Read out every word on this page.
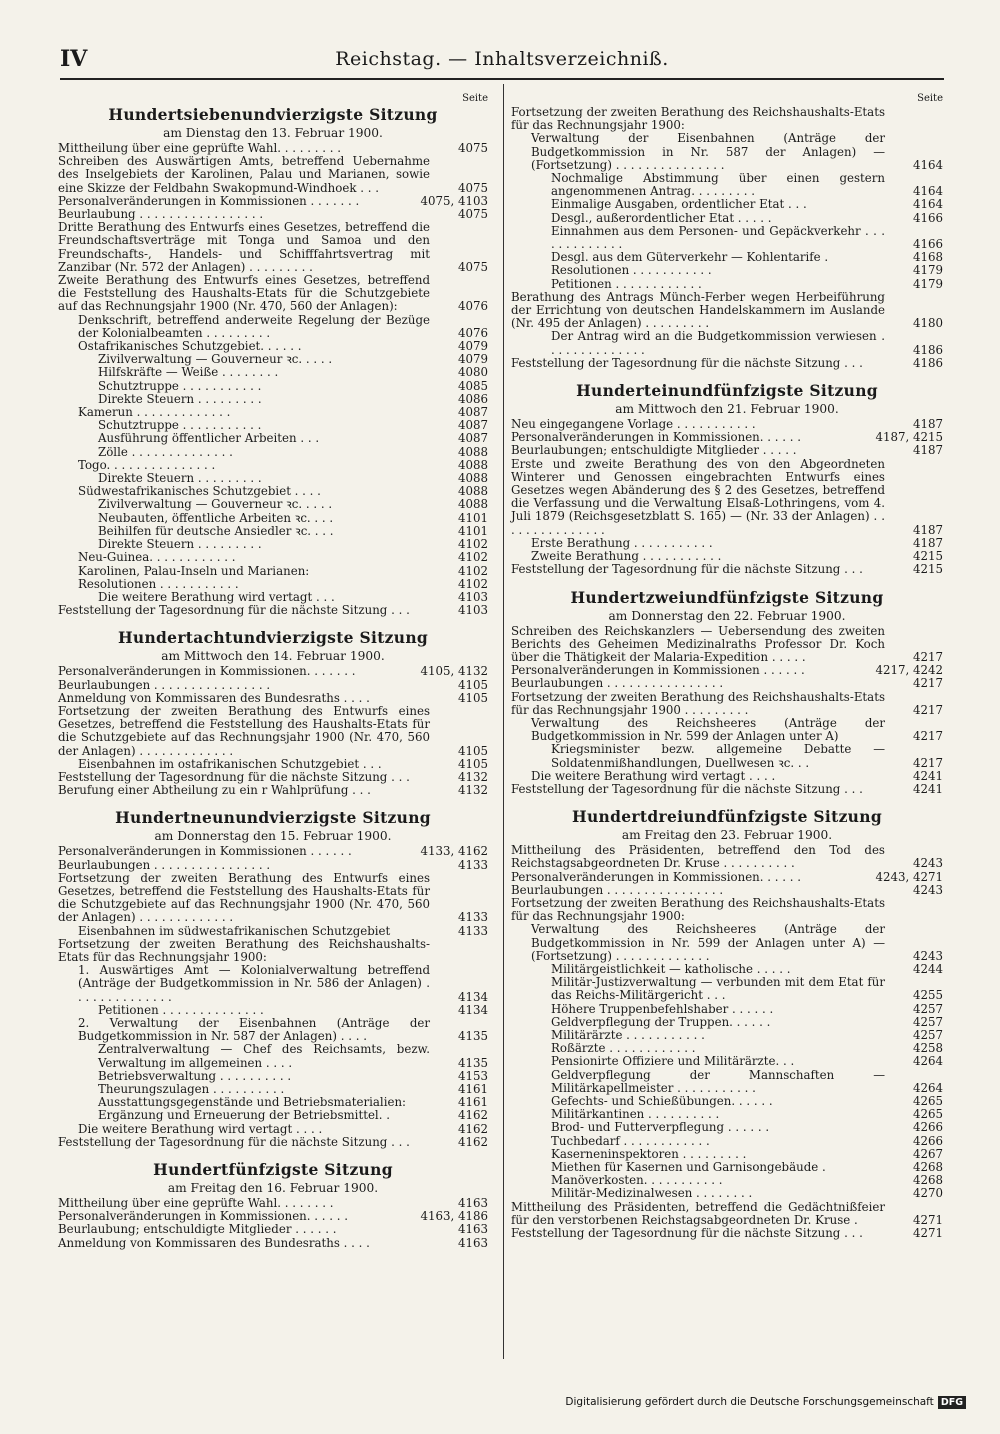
IV	Reichstag. — Inhaltsverzeichniß.
Seite
Hundertsiebenundvierzigste Sitzung
am Dienstag den 13. Februar 1900.
Mittheilung über eine geprüfte Wahl. . . . . . . . .	4075
Schreiben des Auswärtigen Amts, betreffend Uebernahme des Inselgebiets der Karolinen, Palau und Marianen, sowie eine Skizze der Feldbahn Swakopmund-Windhoek . . .	4075
Personalveränderungen in Kommissionen . . . . . . .	4075, 4103
Beurlaubung . . . . . . . . . . . . . . . . .	4075
Dritte Berathung des Entwurfs eines Gesetzes, betreffend die Freundschaftsverträge mit Tonga und Samoa und den Freundschafts-, Handels- und Schifffahrtsvertrag mit Zanzibar (Nr. 572 der Anlagen) . . . . . . . . .	4075
Zweite Berathung des Entwurfs eines Gesetzes, betreffend die Feststellung des Haushalts-Etats für die Schutzgebiete auf das Rechnungsjahr 1900 (Nr. 470, 560 der Anlagen):	4076
Denkschrift, betreffend anderweite Regelung der Bezüge der Kolonialbeamten . . . . . . . . .	4076
Ostafrikanisches Schutzgebiet. . . . . .	4079
Zivilverwaltung — Gouverneur ꝛc. . . . .	4079
Hilfskräfte — Weiße . . . . . . . .	4080
Schutztruppe . . . . . . . . . . .	4085
Direkte Steuern . . . . . . . . .	4086
Kamerun . . . . . . . . . . . . .	4087
Schutztruppe . . . . . . . . . . .	4087
Ausführung öffentlicher Arbeiten . . .	4087
Zölle . . . . . . . . . . . . . .	4088
Togo. . . . . . . . . . . . . . .	4088
Direkte Steuern . . . . . . . . .	4088
Südwestafrikanisches Schutzgebiet . . . .	4088
Zivilverwaltung — Gouverneur ꝛc. . . . .	4088
Neubauten, öffentliche Arbeiten ꝛc. . . .	4101
Beihilfen für deutsche Ansiedler ꝛc. . . .	4101
Direkte Steuern . . . . . . . . .	4102
Neu-Guinea. . . . . . . . . . . .	4102
Karolinen, Palau-Inseln und Marianen:	4102
Resolutionen . . . . . . . . . . .	4102
Die weitere Berathung wird vertagt . . .	4103
Feststellung der Tagesordnung für die nächste Sitzung . . .	4103
Hundertachtundvierzigste Sitzung
am Mittwoch den 14. Februar 1900.
Personalveränderungen in Kommissionen. . . . . . .	4105, 4132
Beurlaubungen . . . . . . . . . . . . . . . .	4105
Anmeldung von Kommissaren des Bundesraths . . . .	4105
Fortsetzung der zweiten Berathung des Entwurfs eines Gesetzes, betreffend die Feststellung des Haushalts-Etats für die Schutzgebiete auf das Rechnungsjahr 1900 (Nr. 470, 560 der Anlagen) . . . . . . . . . . . . .	4105
Eisenbahnen im ostafrikanischen Schutzgebiet . . .	4105
Feststellung der Tagesordnung für die nächste Sitzung . . .	4132
Berufung einer Abtheilung zu ein r Wahlprüfung . . .	4132
Hundertneunundvierzigste Sitzung
am Donnerstag den 15. Februar 1900.
Personalveränderungen in Kommissionen . . . . . .	4133, 4162
Beurlaubungen . . . . . . . . . . . . . . . .	4133
Fortsetzung der zweiten Berathung des Entwurfs eines Gesetzes, betreffend die Feststellung des Haushalts-Etats für die Schutzgebiete auf das Rechnungsjahr 1900 (Nr. 470, 560 der Anlagen) . . . . . . . . . . . . .	4133
Eisenbahnen im südwestafrikanischen Schutzgebiet	4133
Fortsetzung der zweiten Berathung des Reichshaushalts-Etats für das Rechnungsjahr 1900:
1. Auswärtiges Amt — Kolonialverwaltung betreffend (Anträge der Budgetkommission in Nr. 586 der Anlagen) . . . . . . . . . . . . . .	4134
Petitionen . . . . . . . . . . . . . .	4134
2. Verwaltung der Eisenbahnen (Anträge der Budgetkommission in Nr. 587 der Anlagen) . . . .	4135
Zentralverwaltung — Chef des Reichsamts, bezw. Verwaltung im allgemeinen . . . .	4135
Betriebsverwaltung . . . . . . . . . .	4153
Theurungszulagen . . . . . . . . . .	4161
Ausstattungsgegenstände und Betriebsmaterialien:	4161
Ergänzung und Erneuerung der Betriebsmittel. .	4162
Die weitere Berathung wird vertagt . . . .	4162
Feststellung der Tagesordnung für die nächste Sitzung . . .	4162
Hundertfünfzigste Sitzung
am Freitag den 16. Februar 1900.
Mittheilung über eine geprüfte Wahl. . . . . . . .	4163
Personalveränderungen in Kommissionen. . . . . .	4163, 4186
Beurlaubung; entschuldigte Mitglieder . . . . . .	4163
Anmeldung von Kommissaren des Bundesraths . . . .	4163
Seite
Fortsetzung der zweiten Berathung des Reichshaushalts-Etats für das Rechnungsjahr 1900:
Verwaltung der Eisenbahnen (Anträge der Budgetkommission in Nr. 587 der Anlagen) — (Fortsetzung) . . . . . . . . . . . . . . .	4164
Nochmalige Abstimmung über einen gestern angenommenen Antrag. . . . . . . . .	4164
Einmalige Ausgaben, ordentlicher Etat . . .	4164
Desgl., außerordentlicher Etat . . . . .	4166
Einnahmen aus dem Personen- und Gepäckverkehr . . . . . . . . . . . . .	4166
Desgl. aus dem Güterverkehr — Kohlentarife .	4168
Resolutionen . . . . . . . . . . .	4179
Petitionen . . . . . . . . . . . .	4179
Berathung des Antrags Münch-Ferber wegen Herbeiführung der Errichtung von deutschen Handelskammern im Auslande (Nr. 495 der Anlagen) . . . . . . . . .	4180
Der Antrag wird an die Budgetkommission verwiesen . . . . . . . . . . . . . .	4186
Feststellung der Tagesordnung für die nächste Sitzung . . .	4186
Hunderteinundfünfzigste Sitzung
am Mittwoch den 21. Februar 1900.
Neu eingegangene Vorlage . . . . . . . . . . .	4187
Personalveränderungen in Kommissionen. . . . . .	4187, 4215
Beurlaubungen; entschuldigte Mitglieder . . . . .	4187
Erste und zweite Berathung des von den Abgeordneten Winterer und Genossen eingebrachten Entwurfs eines Gesetzes wegen Abänderung des § 2 des Gesetzes, betreffend die Verfassung und die Verwaltung Elsaß-Lothringens, vom 4. Juli 1879 (Reichsgesetzblatt S. 165) — (Nr. 33 der Anlagen) . . . . . . . . . . . . . . .	4187
Erste Berathung . . . . . . . . . . .	4187
Zweite Berathung . . . . . . . . . . .	4215
Feststellung der Tagesordnung für die nächste Sitzung . . .	4215
Hundertzweiundfünfzigste Sitzung
am Donnerstag den 22. Februar 1900.
Schreiben des Reichskanzlers — Uebersendung des zweiten Berichts des Geheimen Medizinalraths Professor Dr. Koch über die Thätigkeit der Malaria-Expedition . . . . .	4217
Personalveränderungen in Kommissionen . . . . . .	4217, 4242
Beurlaubungen . . . . . . . . . . . . . . . .	4217
Fortsetzung der zweiten Berathung des Reichshaushalts-Etats für das Rechnungsjahr 1900 . . . . . . . . .	4217
Verwaltung des Reichsheeres (Anträge der Budgetkommission in Nr. 599 der Anlagen unter A)	4217
Kriegsminister bezw. allgemeine Debatte — Soldatenmißhandlungen, Duellwesen ꝛc. . .	4217
Die weitere Berathung wird vertagt . . . .	4241
Feststellung der Tagesordnung für die nächste Sitzung . . .	4241
Hundertdreiundfünfzigste Sitzung
am Freitag den 23. Februar 1900.
Mittheilung des Präsidenten, betreffend den Tod des Reichstagsabgeordneten Dr. Kruse . . . . . . . . . .	4243
Personalveränderungen in Kommissionen. . . . . .	4243, 4271
Beurlaubungen . . . . . . . . . . . . . . . .	4243
Fortsetzung der zweiten Berathung des Reichshaushalts-Etats für das Rechnungsjahr 1900:
Verwaltung des Reichsheeres (Anträge der Budgetkommission in Nr. 599 der Anlagen unter A) — (Fortsetzung) . . . . . . . . . . . . .	4243
Militärgeistlichkeit — katholische . . . . .	4244
Militär-Justizverwaltung — verbunden mit dem Etat für das Reichs-Militärgericht . . .	4255
Höhere Truppenbefehlshaber . . . . . .	4257
Geldverpflegung der Truppen. . . . . .	4257
Militärärzte . . . . . . . . . . .	4257
Roßärzte . . . . . . . . . . . .	4258
Pensionirte Offiziere und Militärärzte. . .	4264
Geldverpflegung der Mannschaften — Militärkapellmeister . . . . . . . . . . .	4264
Gefechts- und Schießübungen. . . . . .	4265
Militärkantinen . . . . . . . . . .	4265
Brod- und Futterverpflegung . . . . . .	4266
Tuchbedarf . . . . . . . . . . . .	4266
Kaserneninspektoren . . . . . . . . .	4267
Miethen für Kasernen und Garnisongebäude .	4268
Manöverkosten. . . . . . . . . . .	4268
Militär-Medizinalwesen . . . . . . . .	4270
Mittheilung des Präsidenten, betreffend die Gedächtnißfeier für den verstorbenen Reichstagsabgeordneten Dr. Kruse .	4271
Feststellung der Tagesordnung für die nächste Sitzung . . .	4271
Digitalisierung gefördert durch die Deutsche Forschungsgemeinschaft DFG
